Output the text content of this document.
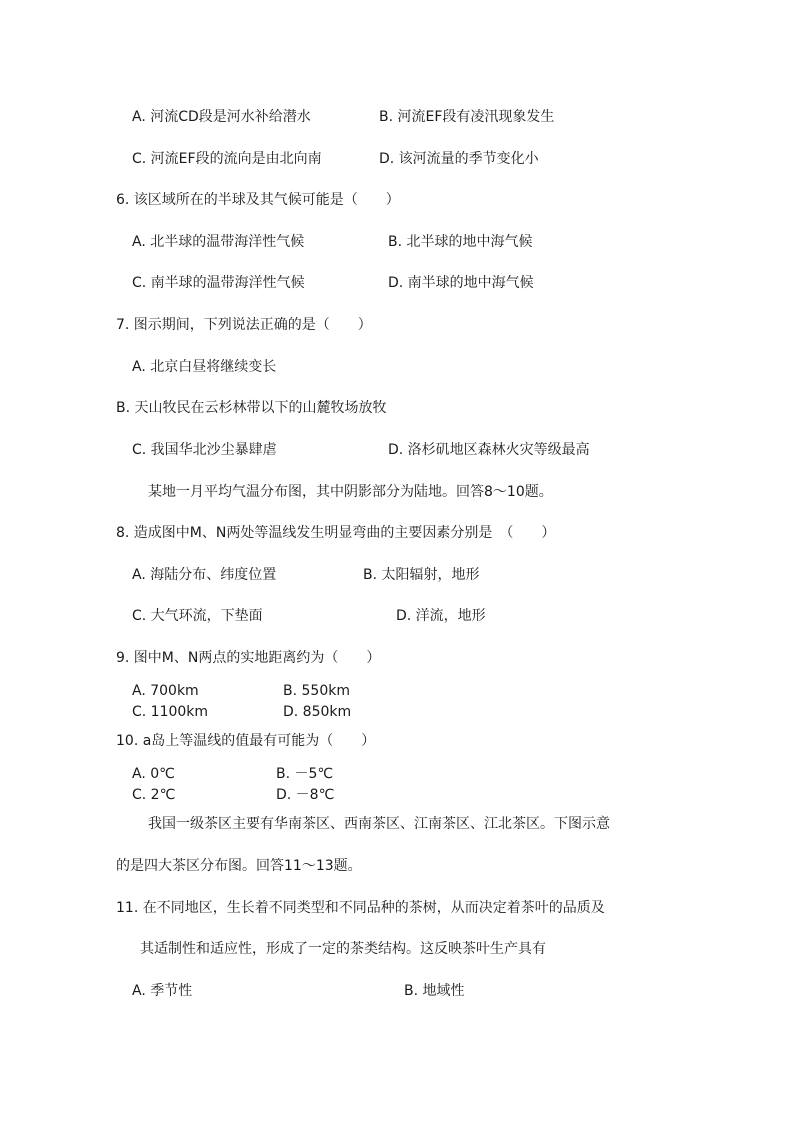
A. 河流CD段是河水补给潜水	B. 河流EF段有凌汛现象发生
C. 河流EF段的流向是由北向南	D. 该河流量的季节变化小
6. 该区域所在的半球及其气候可能是（　　）
A. 北半球的温带海洋性气候	B. 北半球的地中海气候
C. 南半球的温带海洋性气候	D. 南半球的地中海气候
7. 图示期间，下列说法正确的是（　　）
A. 北京白昼将继续变长
B. 天山牧民在云杉林带以下的山麓牧场放牧
C. 我国华北沙尘暴肆虐	D. 洛杉矶地区森林火灾等级最高
某地一月平均气温分布图，其中阴影部分为陆地。回答8～10题。
8. 造成图中M、N两处等温线发生明显弯曲的主要因素分别是　（　　）
A. 海陆分布、纬度位置	B. 太阳辐射，地形
C. 大气环流，下垫面	D. 洋流，地形
9. 图中M、N两点的实地距离约为（　　）
A. 700km	B. 550km
C. 1100km	D. 850km
10. a岛上等温线的值最有可能为（　　）
A. 0℃	B. －5℃
C. 2℃	D. －8℃
我国一级茶区主要有华南茶区、西南茶区、江南茶区、江北茶区。下图示意
的是四大茶区分布图。回答11～13题。
11. 在不同地区，生长着不同类型和不同品种的茶树，从而决定着茶叶的品质及
其适制性和适应性，形成了一定的茶类结构。这反映茶叶生产具有
A. 季节性	B. 地域性
